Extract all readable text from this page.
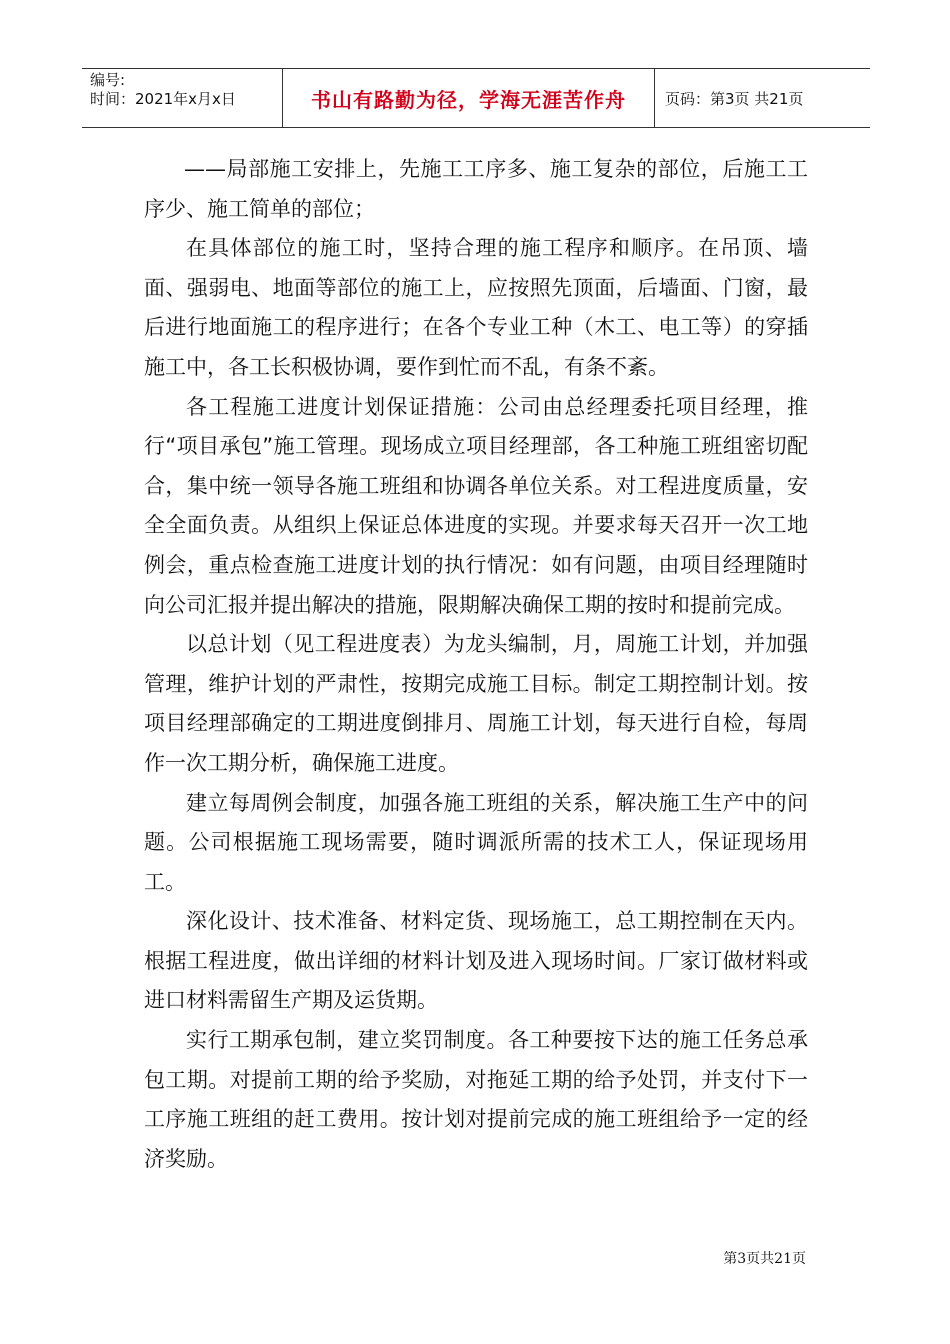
编号:
时间：2021年x月x日	书山有路勤为径，学海无涯苦作舟	页码：第3页 共21页

——局部施工安排上，先施工工序多、施工复杂的部位，后施工工序少、施工简单的部位；

在具体部位的施工时，坚持合理的施工程序和顺序。在吊顶、墙面、强弱电、地面等部位的施工上，应按照先顶面，后墙面、门窗，最后进行地面施工的程序进行；在各个专业工种（木工、电工等）的穿插施工中，各工长积极协调，要作到忙而不乱，有条不紊。

各工程施工进度计划保证措施：公司由总经理委托项目经理，推行“项目承包”施工管理。现场成立项目经理部，各工种施工班组密切配合，集中统一领导各施工班组和协调各单位关系。对工程进度质量，安全全面负责。从组织上保证总体进度的实现。并要求每天召开一次工地例会，重点检查施工进度计划的执行情况：如有问题，由项目经理随时向公司汇报并提出解决的措施，限期解决确保工期的按时和提前完成。

以总计划（见工程进度表）为龙头编制，月，周施工计划，并加强管理，维护计划的严肃性，按期完成施工目标。制定工期控制计划。按项目经理部确定的工期进度倒排月、周施工计划，每天进行自检，每周作一次工期分析，确保施工进度。

建立每周例会制度，加强各施工班组的关系，解决施工生产中的问题。公司根据施工现场需要，随时调派所需的技术工人，保证现场用工。

深化设计、技术准备、材料定货、现场施工，总工期控制在天内。根据工程进度，做出详细的材料计划及进入现场时间。厂家订做材料或进口材料需留生产期及运货期。

实行工期承包制，建立奖罚制度。各工种要按下达的施工任务总承包工期。对提前工期的给予奖励，对拖延工期的给予处罚，并支付下一工序施工班组的赶工费用。按计划对提前完成的施工班组给予一定的经济奖励。

第3页共21页
